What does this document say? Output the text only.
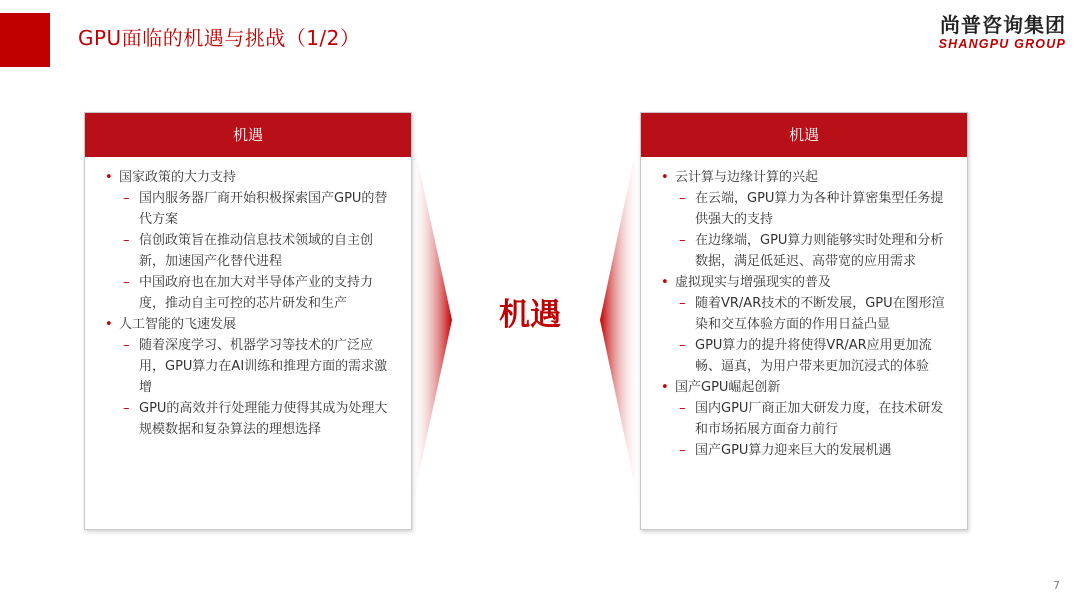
GPU面临的机遇与挑战（1/2）
尚普咨询集团
SHANGPU GROUP
机遇
机遇
• 国家政策的大力支持
– 国内服务器厂商开始积极探索国产GPU的替代方案
– 信创政策旨在推动信息技术领域的自主创新，加速国产化替代进程
– 中国政府也在加大对半导体产业的支持力度，推动自主可控的芯片研发和生产
• 人工智能的飞速发展
– 随着深度学习、机器学习等技术的广泛应用，GPU算力在AI训练和推理方面的需求激增
– GPU的高效并行处理能力使得其成为处理大规模数据和复杂算法的理想选择
机遇
• 云计算与边缘计算的兴起
– 在云端，GPU算力为各种计算密集型任务提供强大的支持
– 在边缘端，GPU算力则能够实时处理和分析数据，满足低延迟、高带宽的应用需求
• 虚拟现实与增强现实的普及
– 随着VR/AR技术的不断发展，GPU在图形渲染和交互体验方面的作用日益凸显
– GPU算力的提升将使得VR/AR应用更加流畅、逼真，为用户带来更加沉浸式的体验
• 国产GPU崛起创新
– 国内GPU厂商正加大研发力度，在技术研发和市场拓展方面奋力前行
– 国产GPU算力迎来巨大的发展机遇
7
